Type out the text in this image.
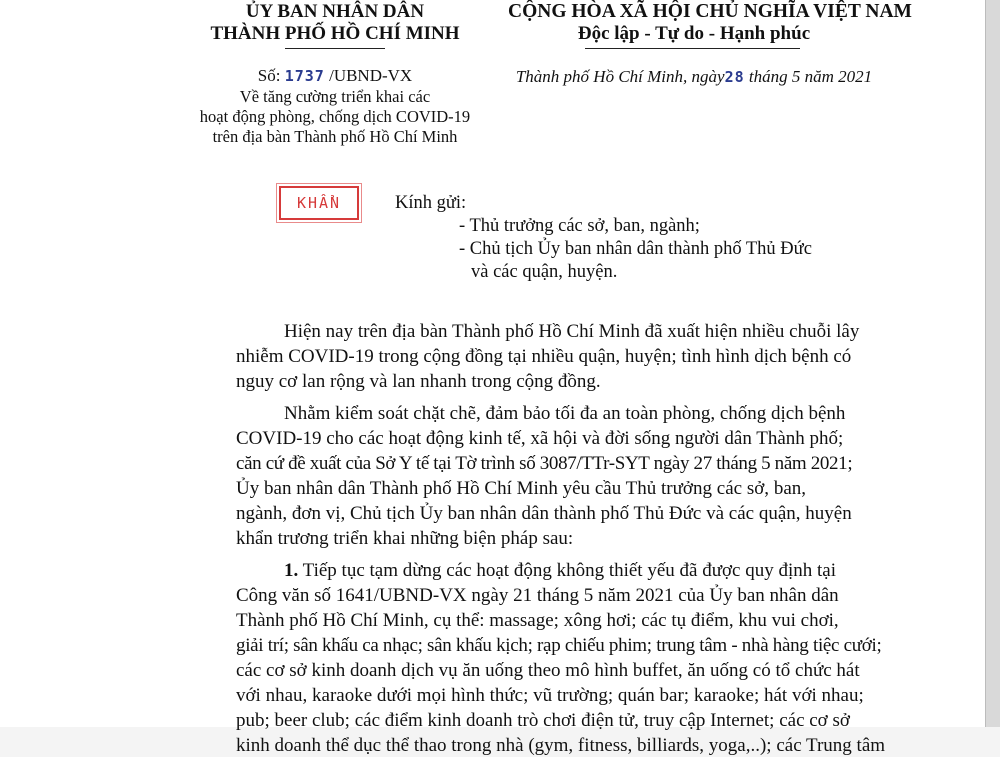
ỦY BAN NHÂN DÂN
THÀNH PHỐ HỒ CHÍ MINH
CỘNG HÒA XÃ HỘI CHỦ NGHĨA VIỆT NAM
Độc lập - Tự do - Hạnh phúc
Số: 1737 /UBND-VX
Về tăng cường triển khai các
hoạt động phòng, chống dịch COVID-19
trên địa bàn Thành phố Hồ Chí Minh
Thành phố Hồ Chí Minh, ngày28 tháng 5 năm 2021
KHẨN	Kính gửi:
- Thủ trưởng các sở, ban, ngành;
- Chủ tịch Ủy ban nhân dân thành phố Thủ Đức
và các quận, huyện.
Hiện nay trên địa bàn Thành phố Hồ Chí Minh đã xuất hiện nhiều chuỗi lây
nhiễm COVID-19 trong cộng đồng tại nhiều quận, huyện; tình hình dịch bệnh có
nguy cơ lan rộng và lan nhanh trong cộng đồng.
Nhằm kiểm soát chặt chẽ, đảm bảo tối đa an toàn phòng, chống dịch bệnh
COVID-19 cho các hoạt động kinh tế, xã hội và đời sống người dân Thành phố;
căn cứ đề xuất của Sở Y tế tại Tờ trình số 3087/TTr-SYT ngày 27 tháng 5 năm 2021;
Ủy ban nhân dân Thành phố Hồ Chí Minh yêu cầu Thủ trưởng các sở, ban,
ngành, đơn vị, Chủ tịch Ủy ban nhân dân thành phố Thủ Đức và các quận, huyện
khẩn trương triển khai những biện pháp sau:
1. Tiếp tục tạm dừng các hoạt động không thiết yếu đã được quy định tại
Công văn số 1641/UBND-VX ngày 21 tháng 5 năm 2021 của Ủy ban nhân dân
Thành phố Hồ Chí Minh, cụ thể: massage; xông hơi; các tụ điểm, khu vui chơi,
giải trí; sân khấu ca nhạc; sân khấu kịch; rạp chiếu phim; trung tâm - nhà hàng tiệc cưới;
các cơ sở kinh doanh dịch vụ ăn uống theo mô hình buffet, ăn uống có tổ chức hát
với nhau, karaoke dưới mọi hình thức; vũ trường; quán bar; karaoke; hát với nhau;
pub; beer club; các điểm kinh doanh trò chơi điện tử, truy cập Internet; các cơ sở
kinh doanh thể dục thể thao trong nhà (gym, fitness, billiards, yoga,..); các Trung tâm
